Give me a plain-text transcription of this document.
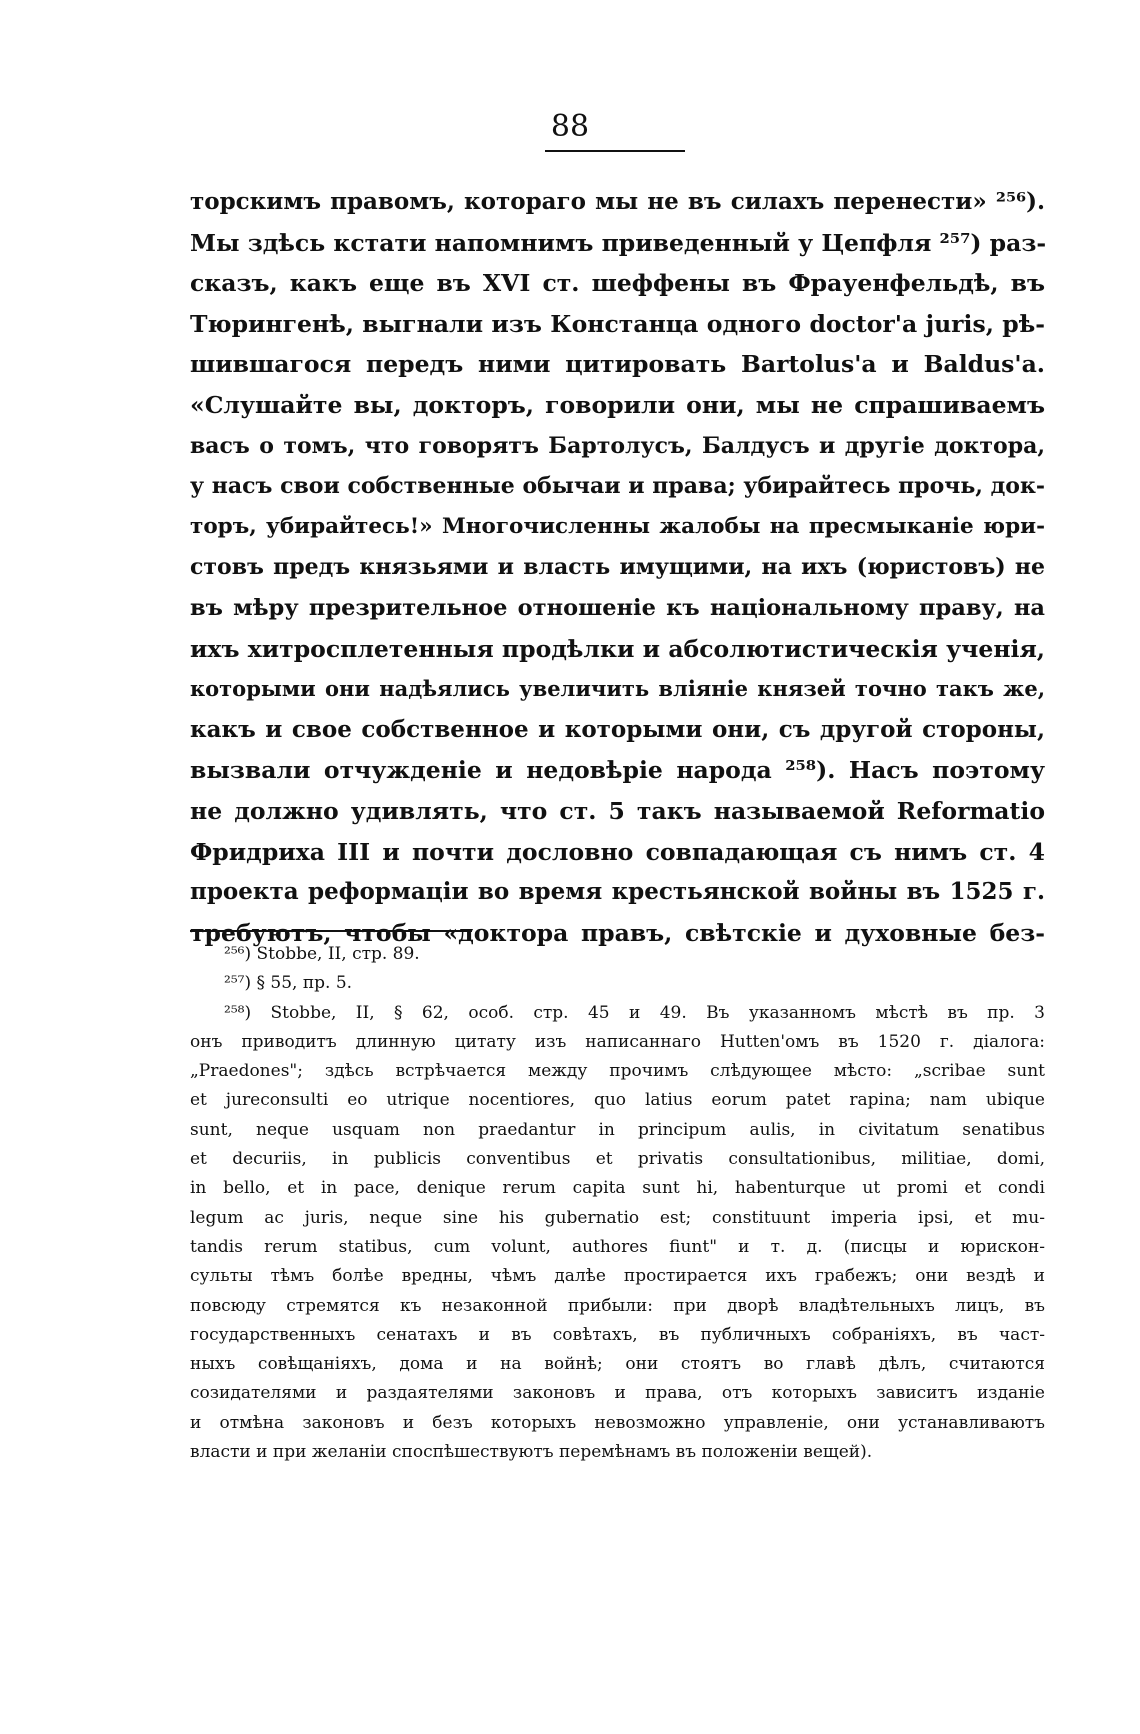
88
торскимъ правомъ, котораго мы не въ силахъ перенести» ²⁵⁶).
Мы здѣсь кстати напомнимъ приведенный у Цепфля ²⁵⁷) раз-
сказъ, какъ еще въ XVI ст. шеффены въ Фрауенфельдѣ, въ
Тюрингенѣ, выгнали изъ Констанца одного doctor'а juris, рѣ-
шившагося передъ ними цитировать Bartolus'а и Baldus'а.
«Слушайте вы, докторъ, говорили они, мы не спрашиваемъ
васъ о томъ, что говорятъ Бартолусъ, Балдусъ и другіе доктора,
у насъ свои собственные обычаи и права; убирайтесь прочь, док-
торъ, убирайтесь!» Многочисленны жалобы на пресмыканіе юри-
стовъ предъ князьями и власть имущими, на ихъ (юристовъ) не
въ мѣру презрительное отношеніе къ національному праву, на
ихъ хитросплетенныя продѣлки и абсолютистическія ученія,
которыми они надѣялись увеличить вліяніе князей точно такъ же,
какъ и свое собственное и которыми они, съ другой стороны,
вызвали отчужденіе и недовѣріе народа ²⁵⁸). Насъ поэтому
не должно удивлять, что ст. 5 такъ называемой Reformatio
Фридриха III и почти дословно совпадающая съ нимъ ст. 4
проекта реформаціи во время крестьянской войны въ 1525 г.
требуютъ, чтобы «доктора правъ, свѣтскіе и духовные без-
²⁵⁶) Stobbe, II, стр. 89.
²⁵⁷) § 55, пр. 5.
²⁵⁸) Stobbe, II, § 62, особ. стр. 45 и 49. Въ указанномъ мѣстѣ въ пр. 3
онъ приводитъ длинную цитату изъ написаннаго Hutten'омъ въ 1520 г. діалога:
„Praedones"; здѣсь встрѣчается между прочимъ слѣдующее мѣсто: „scribae sunt
et jureconsulti eo utrique nocentiores, quo latius eorum patet rapina; nam ubique
sunt, neque usquam non praedantur in principum aulis, in civitatum senatibus
et decuriis, in publicis conventibus et privatis consultationibus, militiae, domi,
in bello, et in pace, denique rerum capita sunt hi, habenturque ut promi et condi
legum ac juris, neque sine his gubernatio est; constituunt imperia ipsi, et mu-
tandis rerum statibus, cum volunt, authores fiunt" и т. д. (писцы и юрискон-
сульты тѣмъ болѣе вредны, чѣмъ далѣе простирается ихъ грабежъ; они вездѣ и
повсюду стремятся къ незаконной прибыли: при дворѣ владѣтельныхъ лицъ, въ
государственныхъ сенатахъ и въ совѣтахъ, въ публичныхъ собраніяхъ, въ част-
ныхъ совѣщаніяхъ, дома и на войнѣ; они стоятъ во главѣ дѣлъ, считаются
созидателями и раздаятелями законовъ и права, отъ которыхъ зависитъ изданіе
и отмѣна законовъ и безъ которыхъ невозможно управленіе, они устанавливаютъ
власти и при желаніи споспѣшествуютъ перемѣнамъ въ положеніи вещей).
